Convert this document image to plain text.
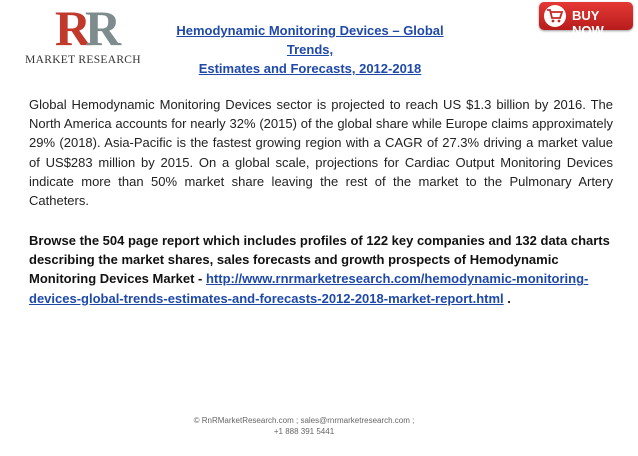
RR
MARKET RESEARCH
Hemodynamic Monitoring Devices – Global Trends,
Estimates and Forecasts, 2012-2018
BUY NOW
Global Hemodynamic Monitoring Devices sector is projected to reach US $1.3 billion by 2016. The North America accounts for nearly 32% (2015) of the global share while Europe claims approximately 29% (2018). Asia-Pacific is the fastest growing region with a CAGR of 27.3% driving a market value of US$283 million by 2015. On a global scale, projections for Cardiac Output Monitoring Devices indicate more than 50% market share leaving the rest of the market to the Pulmonary Artery Catheters.
Browse the 504 page report which includes profiles of 122 key companies and 132 data charts describing the market shares, sales forecasts and growth prospects of Hemodynamic Monitoring Devices Market - http://www.rnrmarketresearch.com/hemodynamic-monitoring-devices-global-trends-estimates-and-forecasts-2012-2018-market-report.html .
© RnRMarketResearch.com ; sales@rnrmarketresearch.com ;
+1 888 391 5441
